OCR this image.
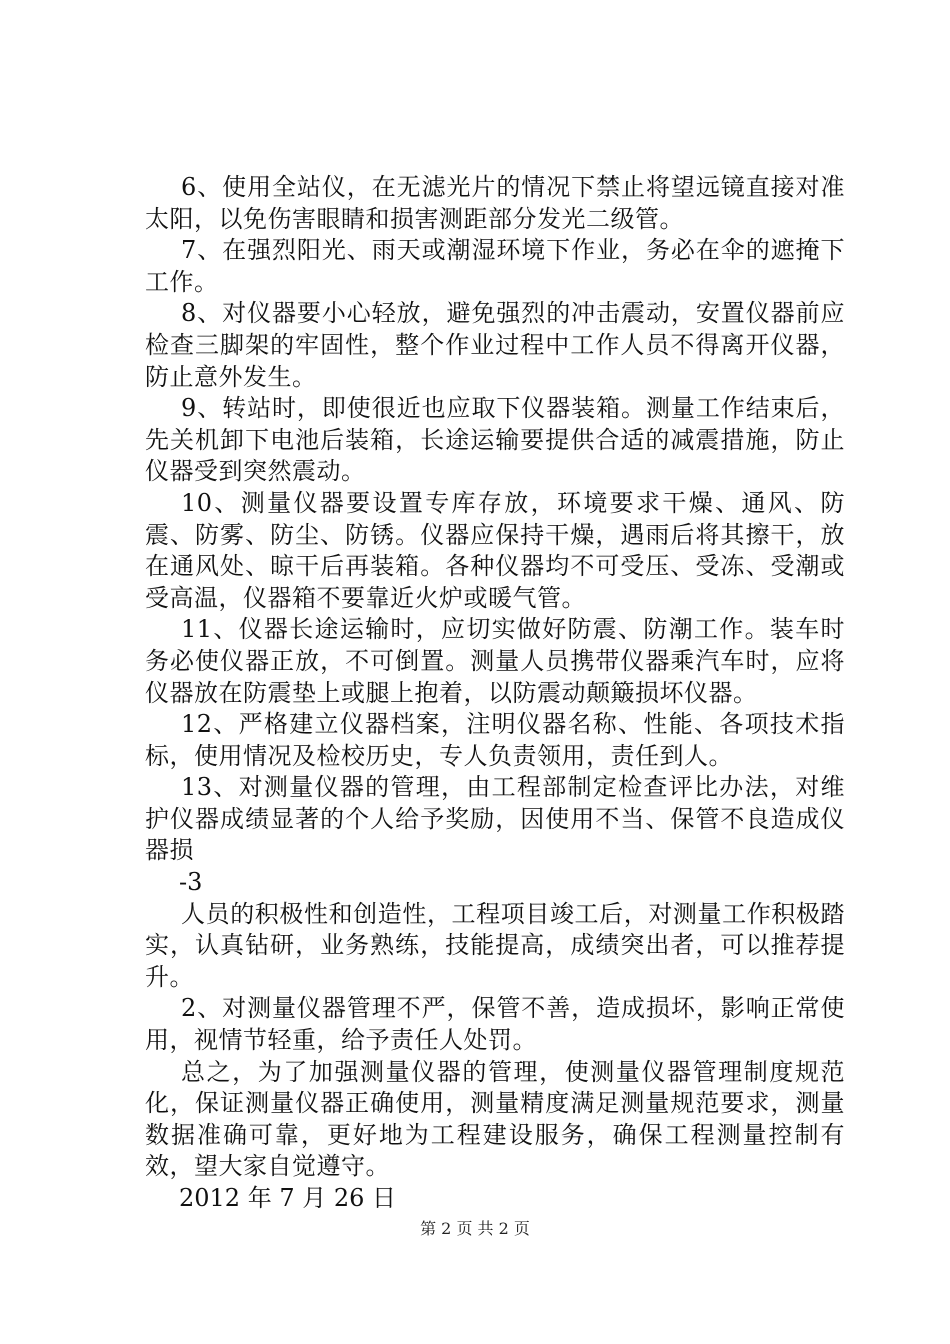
6、使用全站仪，在无滤光片的情况下禁止将望远镜直接对准太阳，以免伤害眼睛和损害测距部分发光二级管。

7、在强烈阳光、雨天或潮湿环境下作业，务必在伞的遮掩下工作。

8、对仪器要小心轻放，避免强烈的冲击震动，安置仪器前应检查三脚架的牢固性，整个作业过程中工作人员不得离开仪器，防止意外发生。

9、转站时，即使很近也应取下仪器装箱。测量工作结束后，先关机卸下电池后装箱，长途运输要提供合适的减震措施，防止仪器受到突然震动。

10、测量仪器要设置专库存放，环境要求干燥、通风、防震、防雾、防尘、防锈。仪器应保持干燥，遇雨后将其擦干，放在通风处、晾干后再装箱。各种仪器均不可受压、受冻、受潮或受高温，仪器箱不要靠近火炉或暖气管。

11、仪器长途运输时，应切实做好防震、防潮工作。装车时务必使仪器正放，不可倒置。测量人员携带仪器乘汽车时，应将仪器放在防震垫上或腿上抱着，以防震动颠簸损坏仪器。

12、严格建立仪器档案，注明仪器名称、性能、各项技术指标，使用情况及检校历史，专人负责领用，责任到人。

13、对测量仪器的管理，由工程部制定检查评比办法，对维护仪器成绩显著的个人给予奖励，因使用不当、保管不良造成仪器损

-3

人员的积极性和创造性，工程项目竣工后，对测量工作积极踏实，认真钻研，业务熟练，技能提高，成绩突出者，可以推荐提升。

2、对测量仪器管理不严，保管不善，造成损坏，影响正常使用，视情节轻重，给予责任人处罚。

总之，为了加强测量仪器的管理，使测量仪器管理制度规范化，保证测量仪器正确使用，测量精度满足测量规范要求，测量数据准确可靠，更好地为工程建设服务，确保工程测量控制有效，望大家自觉遵守。

2012 年 7 月 26 日

第 2 页 共 2 页
